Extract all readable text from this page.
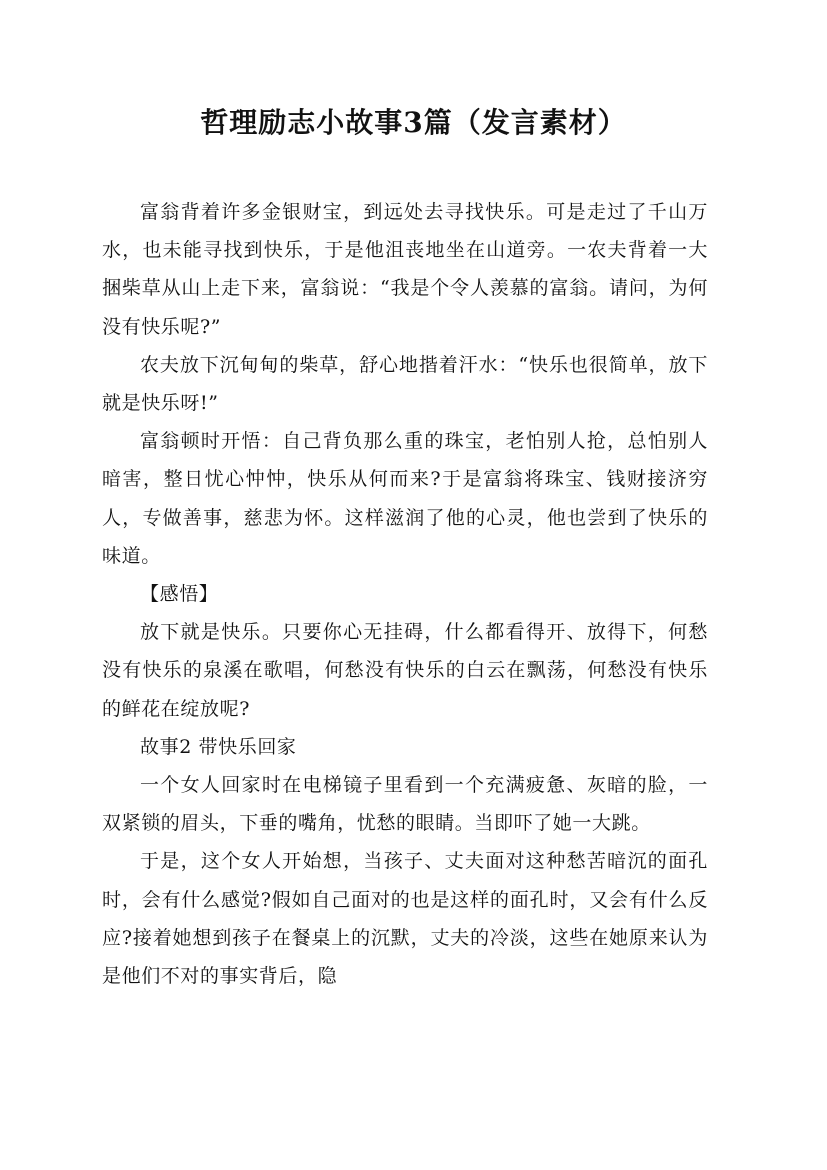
哲理励志小故事3篇（发言素材）

富翁背着许多金银财宝，到远处去寻找快乐。可是走过了千山万水，也未能寻找到快乐，于是他沮丧地坐在山道旁。一农夫背着一大捆柴草从山上走下来，富翁说：“我是个令人羡慕的富翁。请问，为何没有快乐呢?”

农夫放下沉甸甸的柴草，舒心地揩着汗水：“快乐也很简单，放下就是快乐呀!”

富翁顿时开悟：自己背负那么重的珠宝，老怕别人抢，总怕别人暗害，整日忧心忡忡，快乐从何而来?于是富翁将珠宝、钱财接济穷人，专做善事，慈悲为怀。这样滋润了他的心灵，他也尝到了快乐的味道。

【感悟】

放下就是快乐。只要你心无挂碍，什么都看得开、放得下，何愁没有快乐的泉溪在歌唱，何愁没有快乐的白云在飘荡，何愁没有快乐的鲜花在绽放呢?

故事2 带快乐回家

一个女人回家时在电梯镜子里看到一个充满疲惫、灰暗的脸，一双紧锁的眉头，下垂的嘴角，忧愁的眼睛。当即吓了她一大跳。

于是，这个女人开始想，当孩子、丈夫面对这种愁苦暗沉的面孔时，会有什么感觉?假如自己面对的也是这样的面孔时，又会有什么反应?接着她想到孩子在餐桌上的沉默，丈夫的冷淡，这些在她原来认为是他们不对的事实背后，隐
